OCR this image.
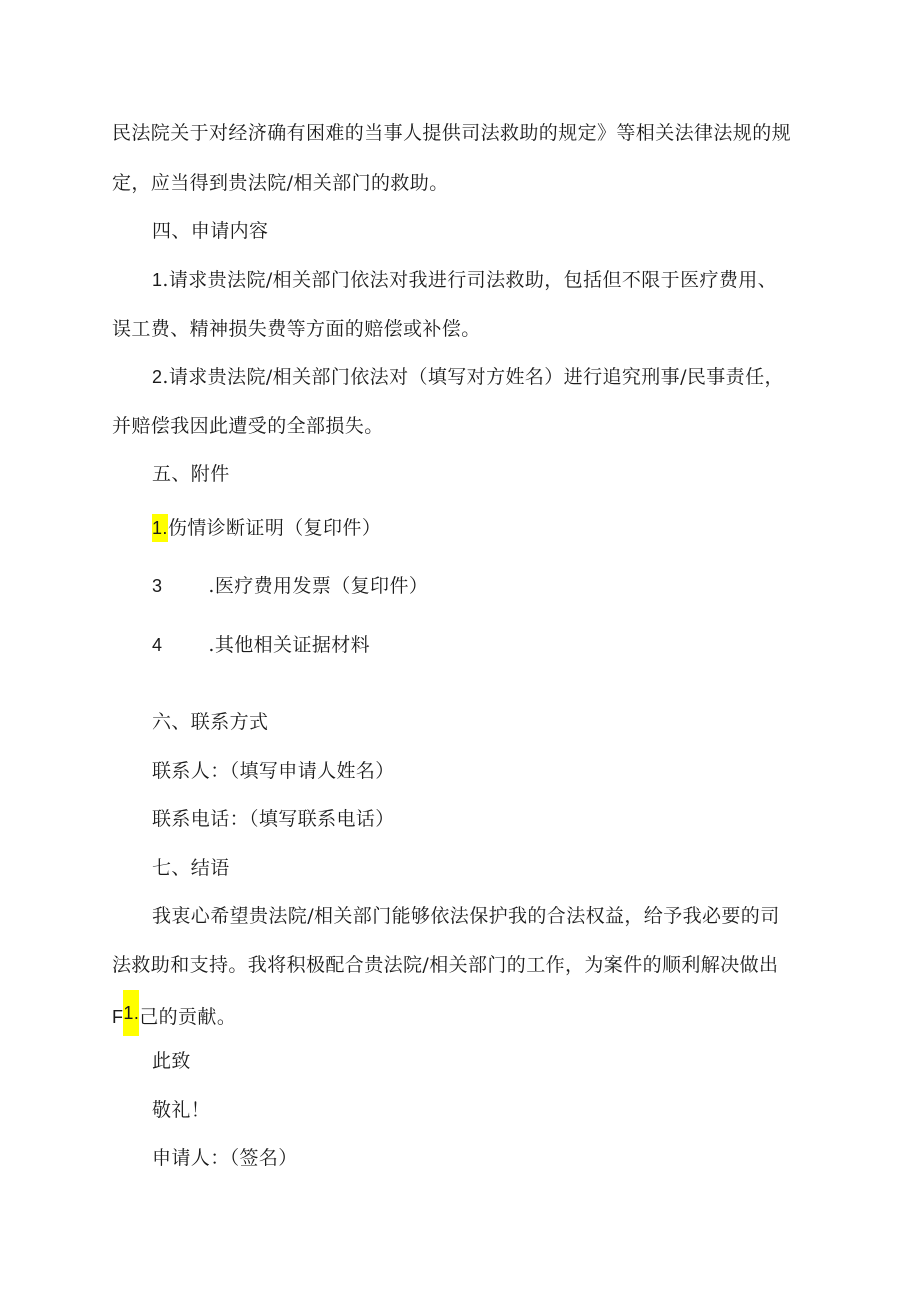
民法院关于对经济确有困难的当事人提供司法救助的规定》等相关法律法规的规
定，应当得到贵法院/相关部门的救助。
四、申请内容
1.请求贵法院/相关部门依法对我进行司法救助，包括但不限于医疗费用、
误工费、精神损失费等方面的赔偿或补偿。
2.请求贵法院/相关部门依法对（填写对方姓名）进行追究刑事/民事责任，
并赔偿我因此遭受的全部损失。
五、附件
1.伤情诊断证明（复印件）
3 .医疗费用发票（复印件）
4 .其他相关证据材料
六、联系方式
联系人：（填写申请人姓名）
联系电话：（填写联系电话）
七、结语
我衷心希望贵法院/相关部门能够依法保护我的合法权益，给予我必要的司
法救助和支持。我将积极配合贵法院/相关部门的工作，为案件的顺利解决做出
F1.己的贡献。
此致
敬礼！
申请人：（签名）
